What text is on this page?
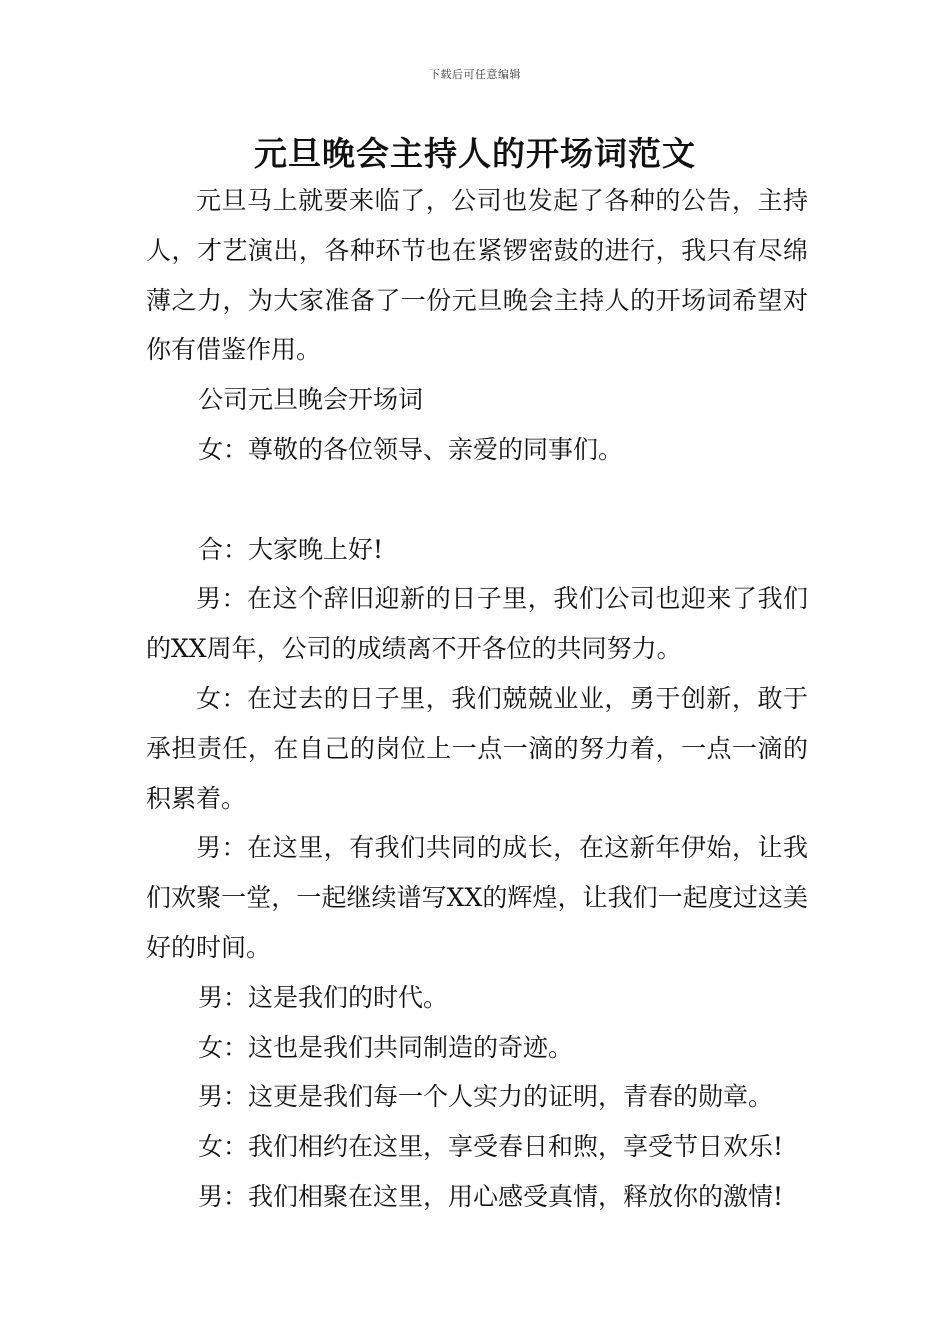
下载后可任意编辑
元旦晚会主持人的开场词范文

元旦马上就要来临了，公司也发起了各种的公告，主持人，才艺演出，各种环节也在紧锣密鼓的进行，我只有尽绵薄之力，为大家准备了一份元旦晚会主持人的开场词希望对你有借鉴作用。

公司元旦晚会开场词

女：尊敬的各位领导、亲爱的同事们。

合：大家晚上好!

男：在这个辞旧迎新的日子里，我们公司也迎来了我们的XX周年，公司的成绩离不开各位的共同努力。

女：在过去的日子里，我们兢兢业业，勇于创新，敢于承担责任，在自己的岗位上一点一滴的努力着，一点一滴的积累着。

男：在这里，有我们共同的成长，在这新年伊始，让我们欢聚一堂，一起继续谱写XX的辉煌，让我们一起度过这美好的时间。

男：这是我们的时代。

女：这也是我们共同制造的奇迹。

男：这更是我们每一个人实力的证明，青春的勋章。

女：我们相约在这里，享受春日和煦，享受节日欢乐!

男：我们相聚在这里，用心感受真情，释放你的激情!
